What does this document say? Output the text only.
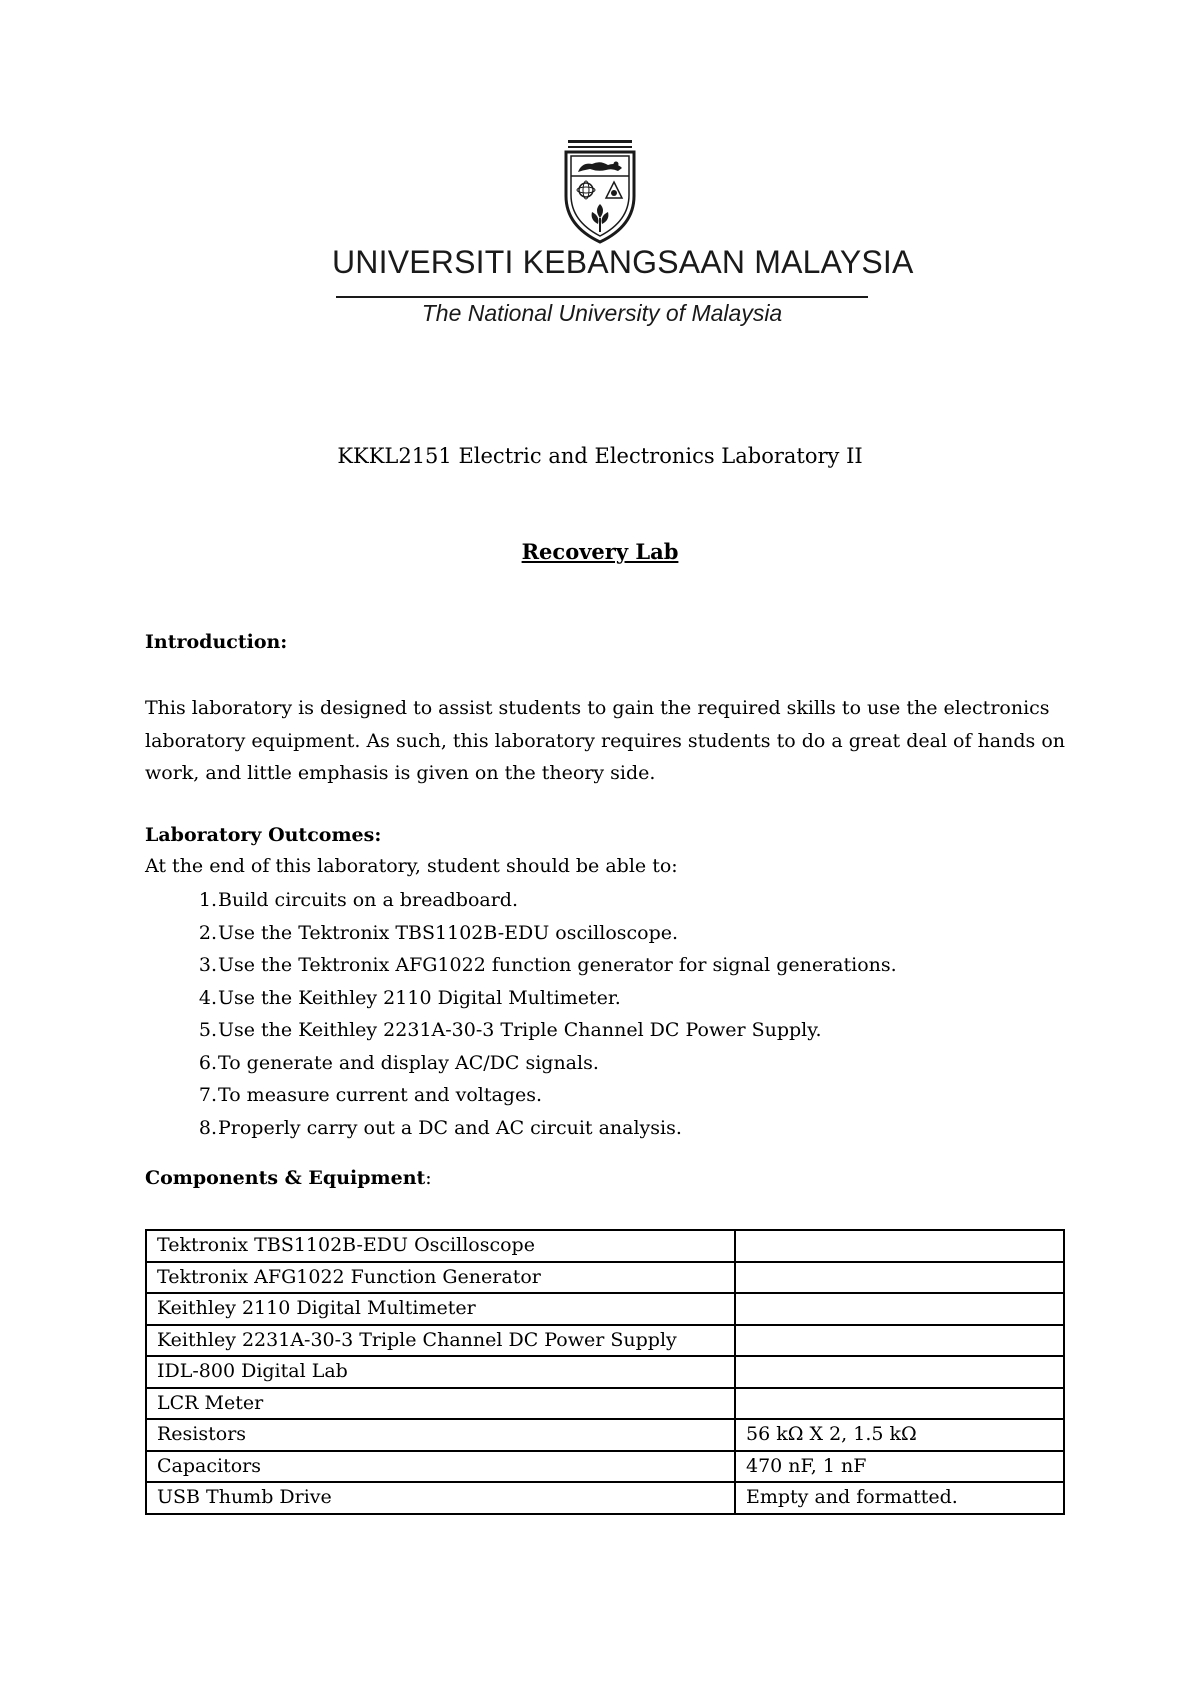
UNIVERSITI KEBANGSAAN MALAYSIA
The National University of Malaysia
KKKL2151 Electric and Electronics Laboratory II
Recovery Lab
Introduction:
This laboratory is designed to assist students to gain the required skills to use the electronics
laboratory equipment. As such, this laboratory requires students to do a great deal of hands on
work, and little emphasis is given on the theory side.
Laboratory Outcomes:
At the end of this laboratory, student should be able to:
1. Build circuits on a breadboard.
2. Use the Tektronix TBS1102B-EDU oscilloscope.
3. Use the Tektronix AFG1022 function generator for signal generations.
4. Use the Keithley 2110 Digital Multimeter.
5. Use the Keithley 2231A-30-3 Triple Channel DC Power Supply.
6. To generate and display AC/DC signals.
7. To measure current and voltages.
8. Properly carry out a DC and AC circuit analysis.
Components & Equipment:
Tektronix TBS1102B-EDU Oscilloscope	
Tektronix AFG1022 Function Generator	
Keithley 2110 Digital Multimeter	
Keithley 2231A-30-3 Triple Channel DC Power Supply	
IDL-800 Digital Lab	
LCR Meter	
Resistors	56 kΩ X 2, 1.5 kΩ
Capacitors	470 nF, 1 nF
USB Thumb Drive	Empty and formatted.
